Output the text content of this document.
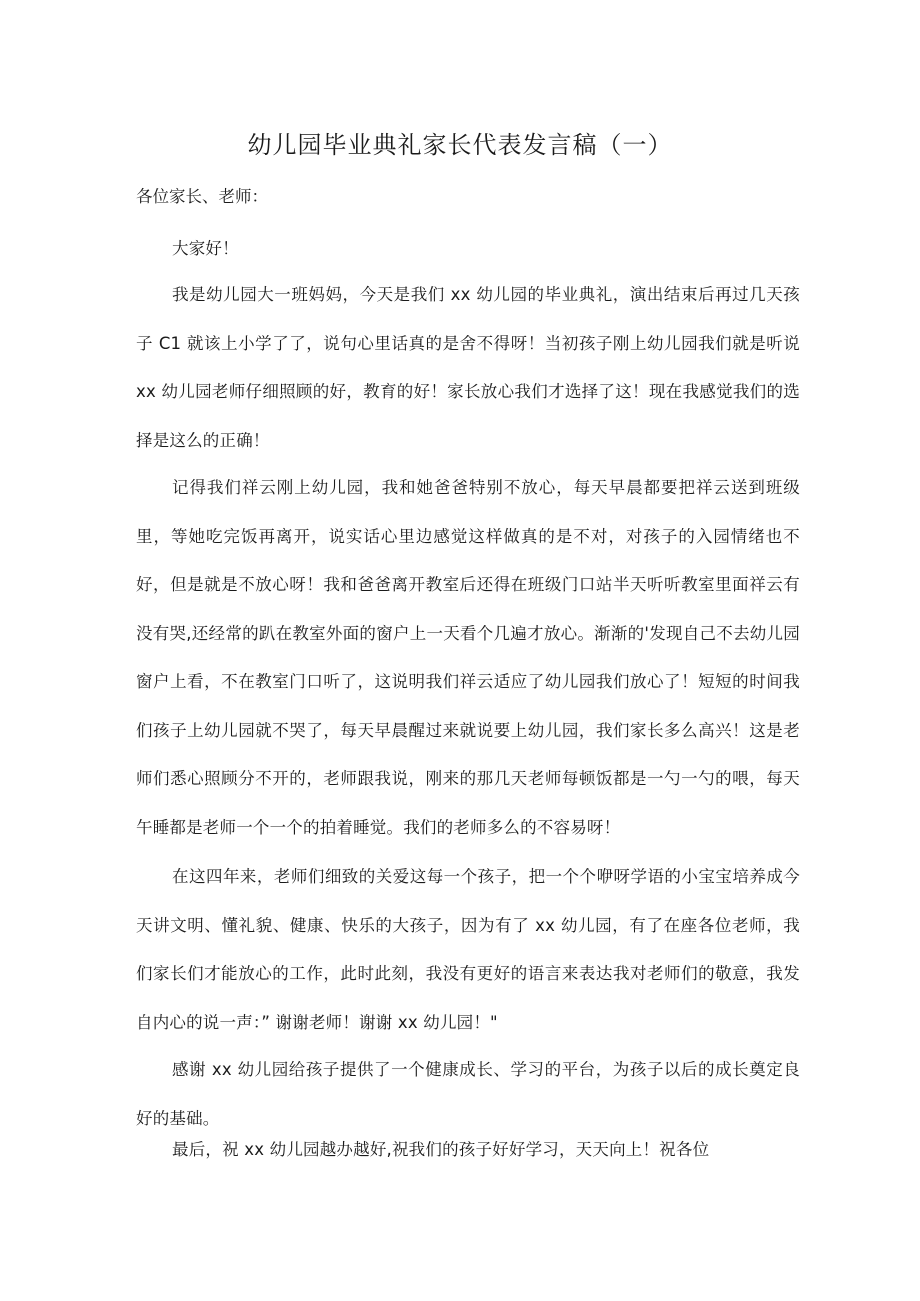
幼儿园毕业典礼家长代表发言稿（一）
各位家长、老师：

大家好！

我是幼儿园大一班妈妈，今天是我们 xx 幼儿园的毕业典礼，演出结束后再过几天孩子 C1 就该上小学了了，说句心里话真的是舍不得呀！当初孩子刚上幼儿园我们就是听说 xx 幼儿园老师仔细照顾的好，教育的好！家长放心我们才选择了这！现在我感觉我们的选择是这么的正确！

记得我们祥云刚上幼儿园，我和她爸爸特别不放心，每天早晨都要把祥云送到班级里，等她吃完饭再离开，说实话心里边感觉这样做真的是不对，对孩子的入园情绪也不好，但是就是不放心呀！我和爸爸离开教室后还得在班级门口站半天听听教室里面祥云有没有哭,还经常的趴在教室外面的窗户上一天看个几遍才放心。渐渐的'发现自己不去幼儿园窗户上看，不在教室门口听了，这说明我们祥云适应了幼儿园我们放心了！短短的时间我们孩子上幼儿园就不哭了，每天早晨醒过来就说要上幼儿园，我们家长多么高兴！这是老师们悉心照顾分不开的，老师跟我说，刚来的那几天老师每顿饭都是一勺一勺的喂，每天午睡都是老师一个一个的拍着睡觉。我们的老师多么的不容易呀！

在这四年来，老师们细致的关爱这每一个孩子，把一个个咿呀学语的小宝宝培养成今天讲文明、懂礼貌、健康、快乐的大孩子，因为有了 xx 幼儿园，有了在座各位老师，我们家长们才能放心的工作，此时此刻，我没有更好的语言来表达我对老师们的敬意，我发自内心的说一声：” 谢谢老师！谢谢 xx 幼儿园！"

感谢 xx 幼儿园给孩子提供了一个健康成长、学习的平台，为孩子以后的成长奠定良好的基础。

最后，祝 xx 幼儿园越办越好,祝我们的孩子好好学习，天天向上！祝各位
